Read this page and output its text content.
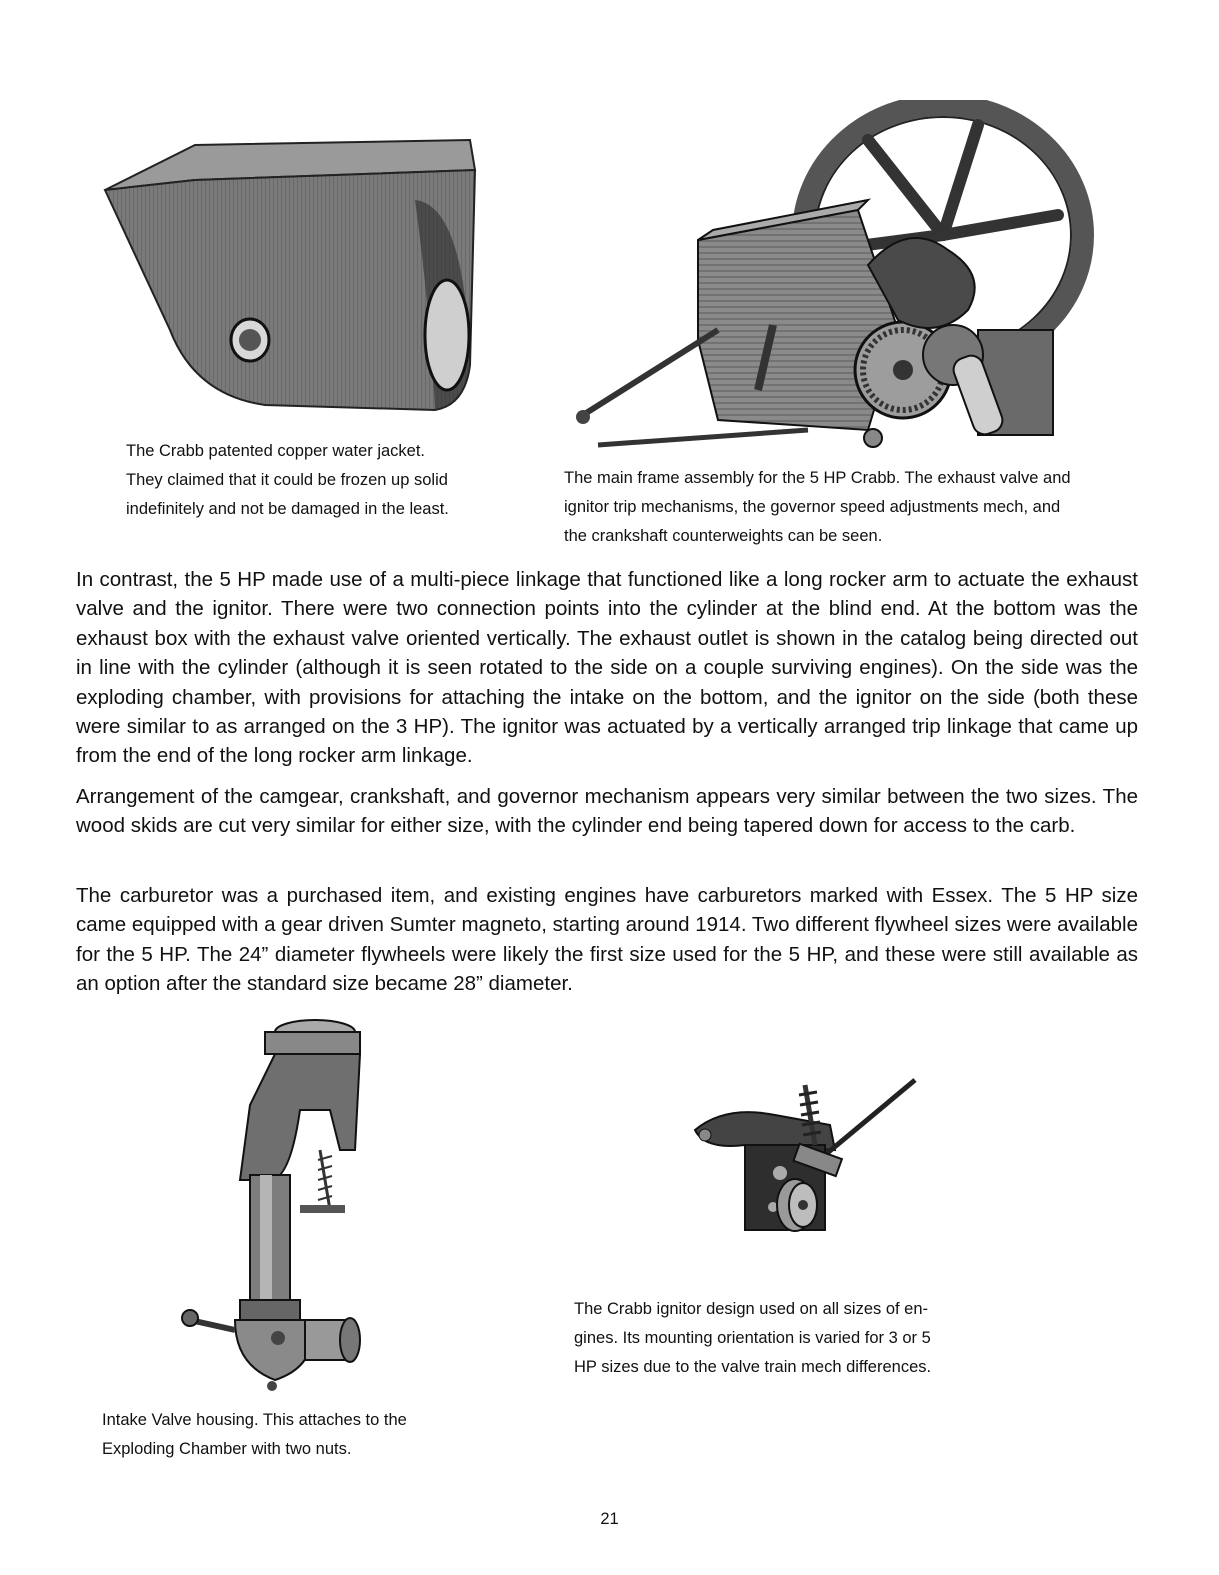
The Crabb patented copper water jacket.
They claimed that it could be frozen up solid
indefinitely and not be damaged in the least.
The main frame assembly for the 5 HP Crabb. The exhaust valve and
ignitor trip mechanisms, the governor speed adjustments mech, and
the crankshaft counterweights can be seen.
In contrast, the 5 HP made use of a multi-piece linkage that functioned like a long rocker arm to actuate the exhaust valve and the ignitor. There were two connection points into the cylinder at the blind end. At the bottom was the exhaust box with the exhaust valve oriented vertically. The exhaust outlet is shown in the catalog being directed out in line with the cylinder (although it is seen rotated to the side on a couple surviving engines). On the side was the exploding chamber, with provisions for attaching the intake on the bottom, and the ignitor on the side (both these were similar to as arranged on the 3 HP). The ignitor was actuated by a vertically arranged trip linkage that came up from the end of the long rocker arm linkage.
Arrangement of the camgear, crankshaft, and governor mechanism appears very similar between the two sizes. The wood skids are cut very similar for either size, with the cylinder end being tapered down for access to the carb.
The carburetor was a purchased item, and existing engines have carburetors marked with Essex. The 5 HP size came equipped with a gear driven Sumter magneto, starting around 1914. Two different flywheel sizes were available for the 5 HP. The 24” diameter flywheels were likely the first size used for the 5 HP, and these were still available as an option after the standard size became 28” diameter.
The Crabb ignitor design used on all sizes of en-
gines. Its mounting orientation is varied for 3 or 5
HP sizes due to the valve train mech differences.
Intake Valve housing. This attaches to the
Exploding Chamber with two nuts.
21
